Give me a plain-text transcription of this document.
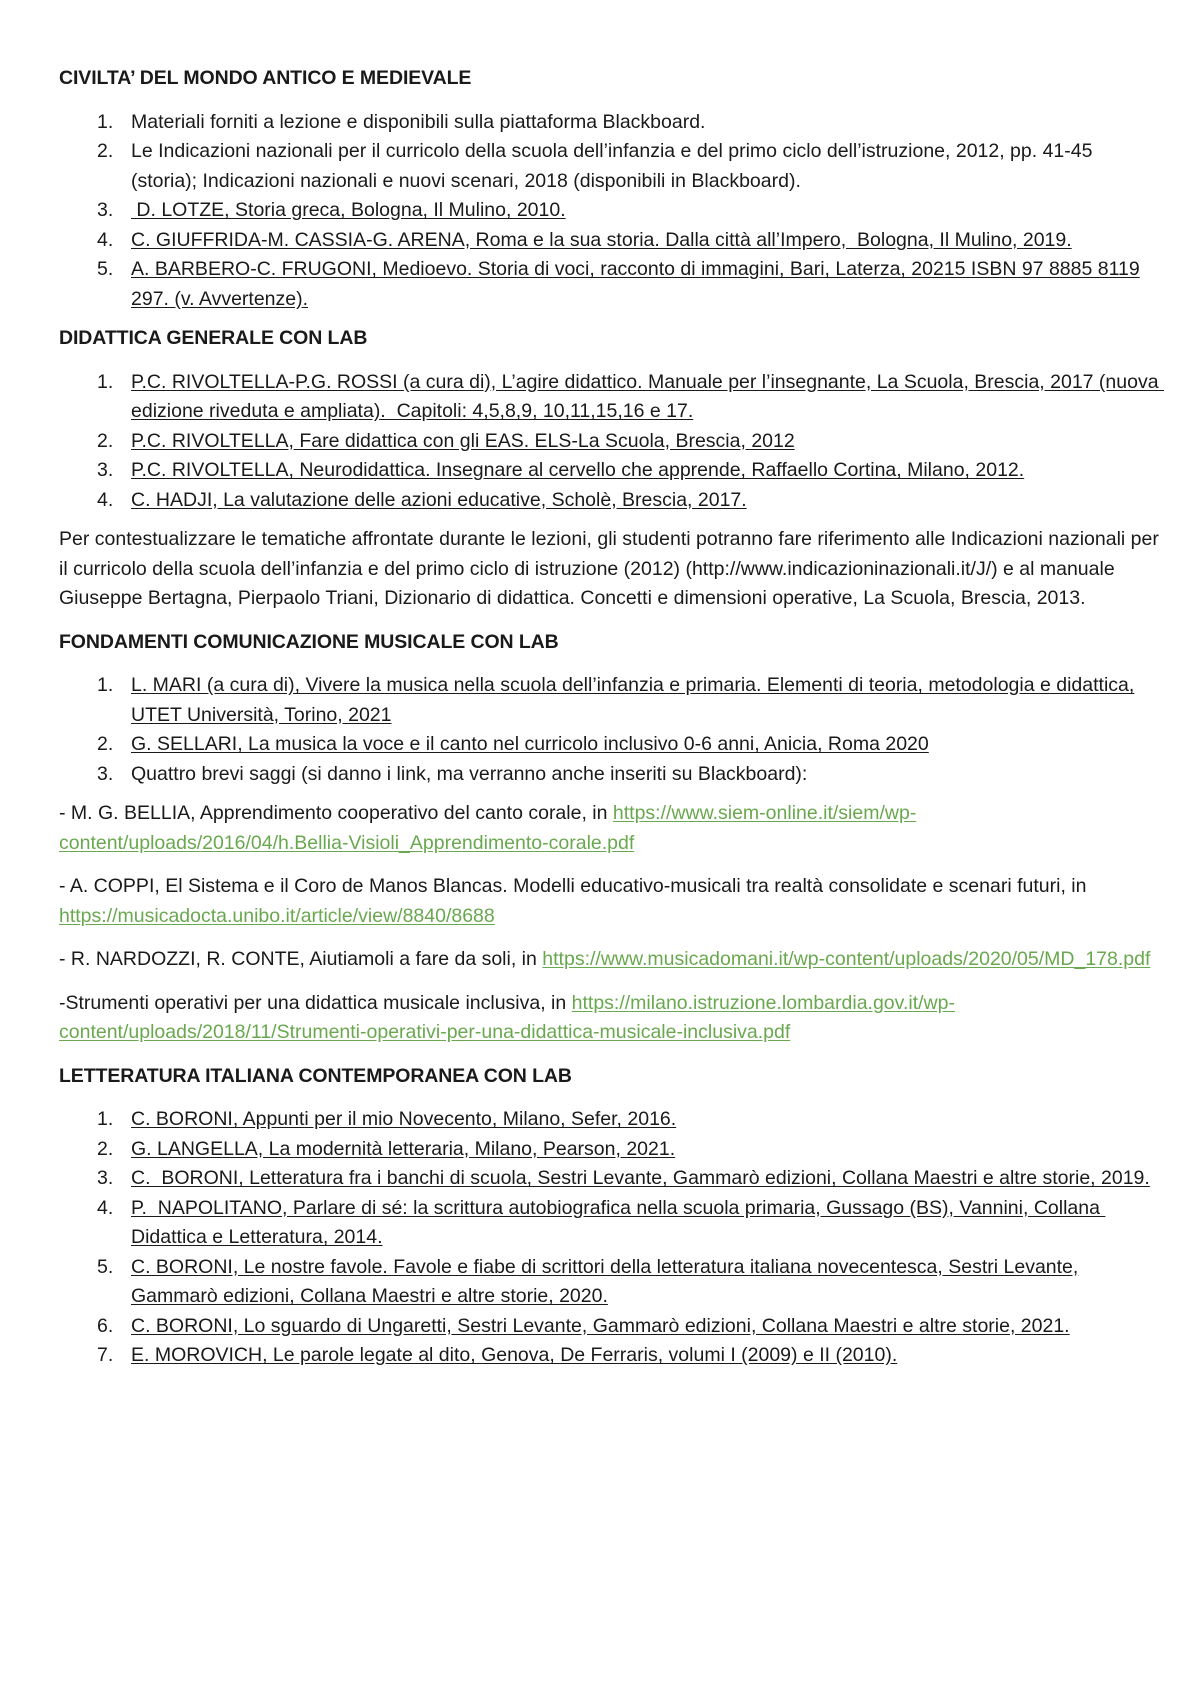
CIVILTA’ DEL MONDO ANTICO E MEDIEVALE
1. Materiali forniti a lezione e disponibili sulla piattaforma Blackboard.
2. Le Indicazioni nazionali per il curricolo della scuola dell’infanzia e del primo ciclo dell’istruzione, 2012, pp. 41-45 (storia); Indicazioni nazionali e nuovi scenari, 2018 (disponibili in Blackboard).
3. D. LOTZE, Storia greca, Bologna, Il Mulino, 2010.
4. C. GIUFFRIDA-M. CASSIA-G. ARENA, Roma e la sua storia. Dalla città all’Impero,  Bologna, Il Mulino, 2019.
5. A. BARBERO-C. FRUGONI, Medioevo. Storia di voci, racconto di immagini, Bari, Laterza, 20215 ISBN 97 8885 8119 297. (v. Avvertenze).
DIDATTICA GENERALE CON LAB
1. P.C. RIVOLTELLA-P.G. ROSSI (a cura di), L’agire didattico. Manuale per l’insegnante, La Scuola, Brescia, 2017 (nuova edizione riveduta e ampliata).  Capitoli: 4,5,8,9, 10,11,15,16 e 17.
2. P.C. RIVOLTELLA, Fare didattica con gli EAS. ELS-La Scuola, Brescia, 2012
3. P.C. RIVOLTELLA, Neurodidattica. Insegnare al cervello che apprende, Raffaello Cortina, Milano, 2012.
4. C. HADJI, La valutazione delle azioni educative, Scholè, Brescia, 2017.

Per contestualizzare le tematiche affrontate durante le lezioni, gli studenti potranno fare riferimento alle Indicazioni nazionali per il curricolo della scuola dell’infanzia e del primo ciclo di istruzione (2012) (http://www.indicazioninazionali.it/J/) e al manuale Giuseppe Bertagna, Pierpaolo Triani, Dizionario di didattica. Concetti e dimensioni operative, La Scuola, Brescia, 2013.

FONDAMENTI COMUNICAZIONE MUSICALE CON LAB
1. L. MARI (a cura di), Vivere la musica nella scuola dell’infanzia e primaria. Elementi di teoria, metodologia e didattica, UTET Università, Torino, 2021
2. G. SELLARI, La musica la voce e il canto nel curricolo inclusivo 0-6 anni, Anicia, Roma 2020
3. Quattro brevi saggi (si danno i link, ma verranno anche inseriti su Blackboard):

- M. G. BELLIA, Apprendimento cooperativo del canto corale, in https://www.siem-online.it/siem/wp-content/uploads/2016/04/h.Bellia-Visioli_Apprendimento-corale.pdf

- A. COPPI, El Sistema e il Coro de Manos Blancas. Modelli educativo-musicali tra realtà consolidate e scenari futuri, in https://musicadocta.unibo.it/article/view/8840/8688

- R. NARDOZZI, R. CONTE, Aiutiamoli a fare da soli, in https://www.musicadomani.it/wp-content/uploads/2020/05/MD_178.pdf

-Strumenti operativi per una didattica musicale inclusiva, in https://milano.istruzione.lombardia.gov.it/wp-content/uploads/2018/11/Strumenti-operativi-per-una-didattica-musicale-inclusiva.pdf

LETTERATURA ITALIANA CONTEMPORANEA CON LAB
1. C. BORONI, Appunti per il mio Novecento, Milano, Sefer, 2016.
2. G. LANGELLA, La modernità letteraria, Milano, Pearson, 2021.
3. C.  BORONI, Letteratura fra i banchi di scuola, Sestri Levante, Gammarò edizioni, Collana Maestri e altre storie, 2019.
4. P.  NAPOLITANO, Parlare di sé: la scrittura autobiografica nella scuola primaria, Gussago (BS), Vannini, Collana Didattica e Letteratura, 2014.
5. C. BORONI, Le nostre favole. Favole e fiabe di scrittori della letteratura italiana novecentesca, Sestri Levante, Gammarò edizioni, Collana Maestri e altre storie, 2020.
6. C. BORONI, Lo sguardo di Ungaretti, Sestri Levante, Gammarò edizioni, Collana Maestri e altre storie, 2021.
7. E. MOROVICH, Le parole legate al dito, Genova, De Ferraris, volumi I (2009) e II (2010).
